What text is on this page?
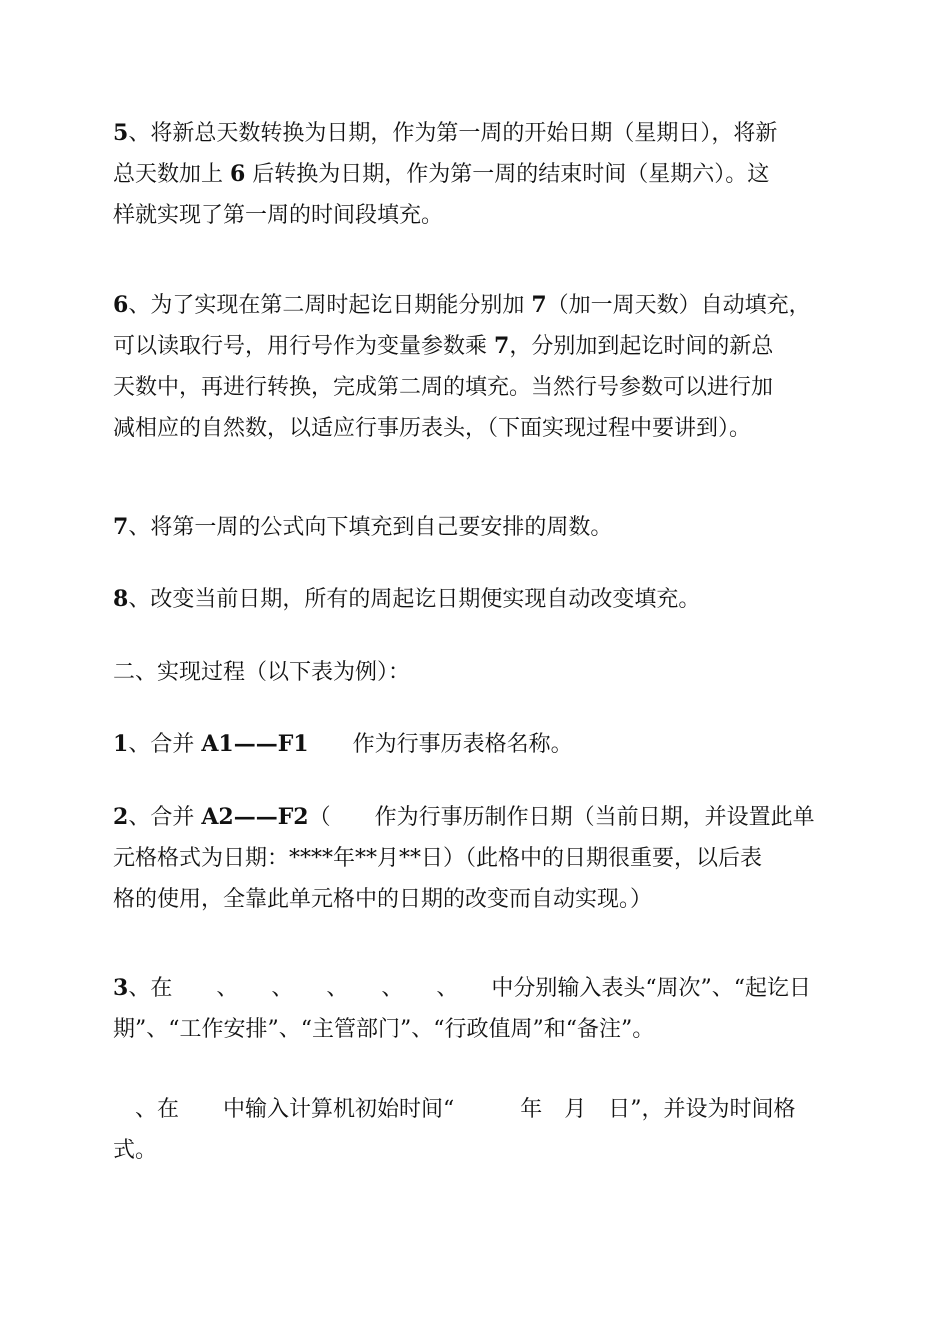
5、将新总天数转换为日期，作为第一周的开始日期（星期日），将新
总天数加上 6 后转换为日期，作为第一周的结束时间（星期六）。这
样就实现了第一周的时间段填充。
6、为了实现在第二周时起讫日期能分别加 7（加一周天数）自动填充，
可以读取行号，用行号作为变量参数乘 7，分别加到起讫时间的新总
天数中，再进行转换，完成第二周的填充。当然行号参数可以进行加
减相应的自然数，以适应行事历表头，（下面实现过程中要讲到）。
7、将第一周的公式向下填充到自己要安排的周数。
8、改变当前日期，所有的周起讫日期便实现自动改变填充。
二、实现过程（以下表为例）：
1、合并 A1——F1　　作为行事历表格名称。
2、合并 A2——F2（　　作为行事历制作日期（当前日期，并设置此单
元格格式为日期：****年**月**日）（此格中的日期很重要，以后表
格的使用，全靠此单元格中的日期的改变而自动实现。）
3、在　　、　　、　　、　　、　　、　　中分别输入表头“周次”、“起讫日
期”、“工作安排”、“主管部门”、“行政值周”和“备注”。
　、在　　中输入计算机初始时间“　　　年　月　日”，并设为时间格
式。
